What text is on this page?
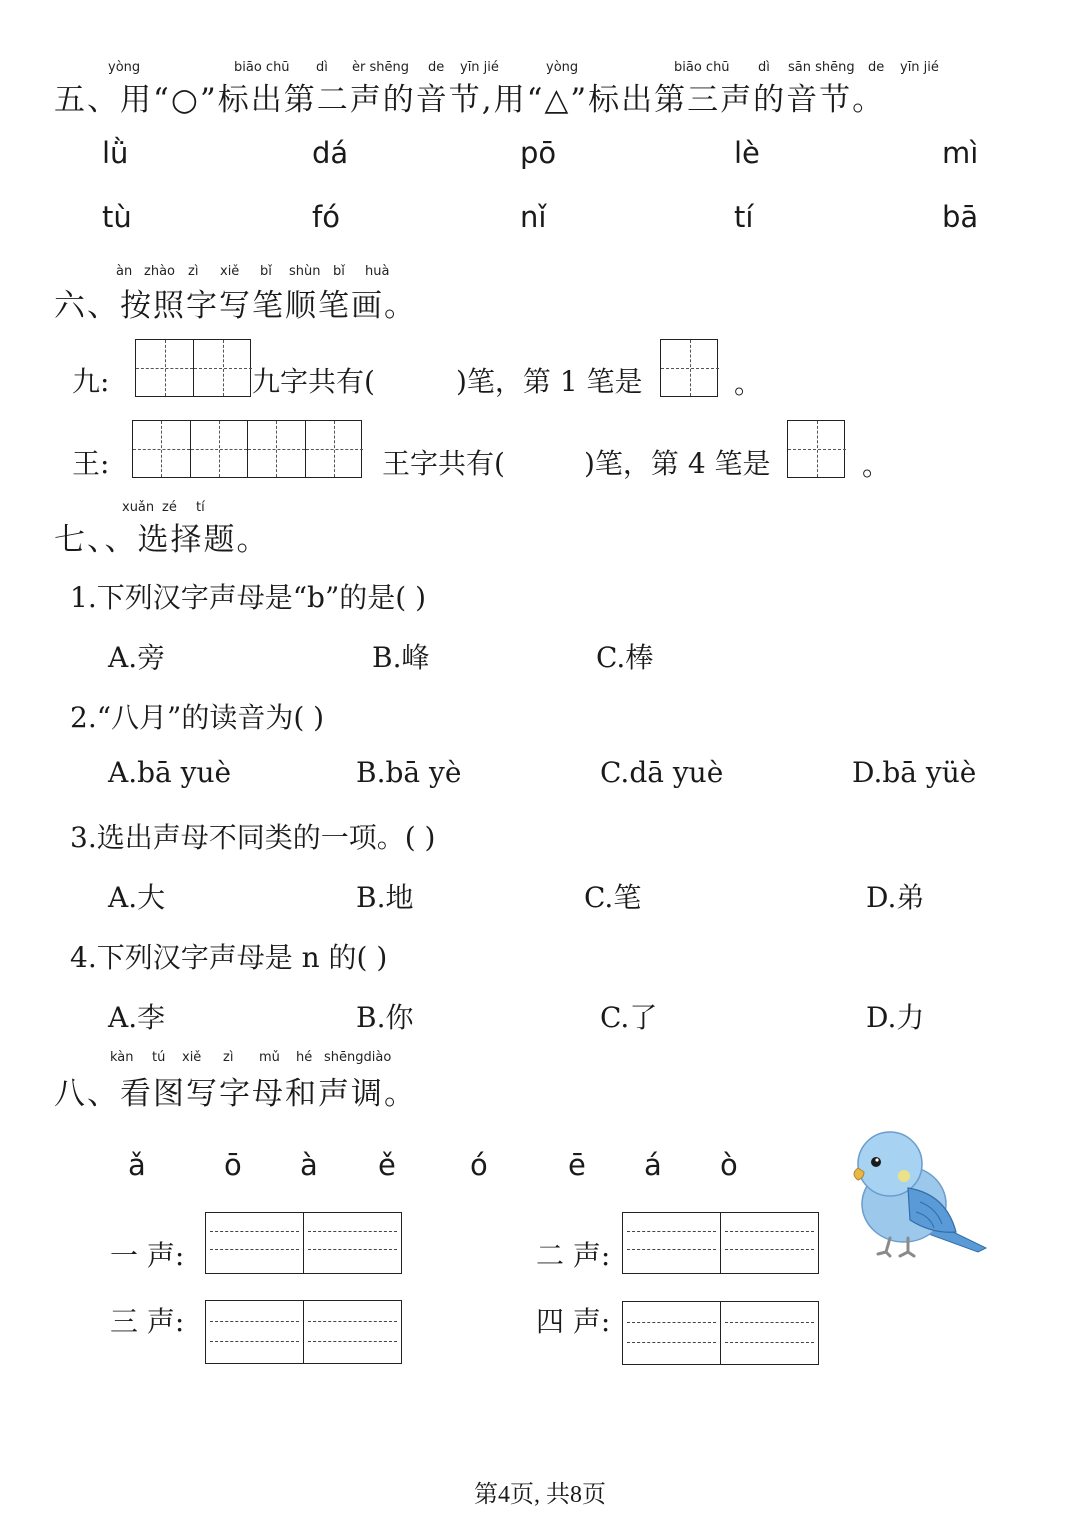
yòng	biāo chū dì èr shēng de yīn jié	yòng	biāo chū dì sān shēng de yīn jié
五、用“○”标出第二声的音节,用“△”标出第三声的音节。
lǜ	dá	pō	lè	mì
tù	fó	nǐ	tí	bā
àn zhào zì xiě bǐ shùn bǐ huà
六、按照字写笔顺笔画。
九:	九字共有(	)笔，第 1 笔是	。
王:	王字共有(	)笔，第 4 笔是	。
xuǎn zé tí
七、、选择题。
1.下列汉字声母是“b”的是( )
A.旁	B.峰	C.棒
2.“八月”的读音为( )
A.bā yuè	B.bā yè	C.dā yuè	D.bā yüè
3.选出声母不同类的一项。( )
A.大	B.地	C.笔	D.弟
4.下列汉字声母是 n 的( )
A.李	B.你	C.了	D.力
kàn tú xiě zì mǔ hé shēngdiào
八、看图写字母和声调。
ǎ	ō à ě	ó	ē á ò
一 声:	二 声:
三 声:	四 声:
第4页, 共8页
